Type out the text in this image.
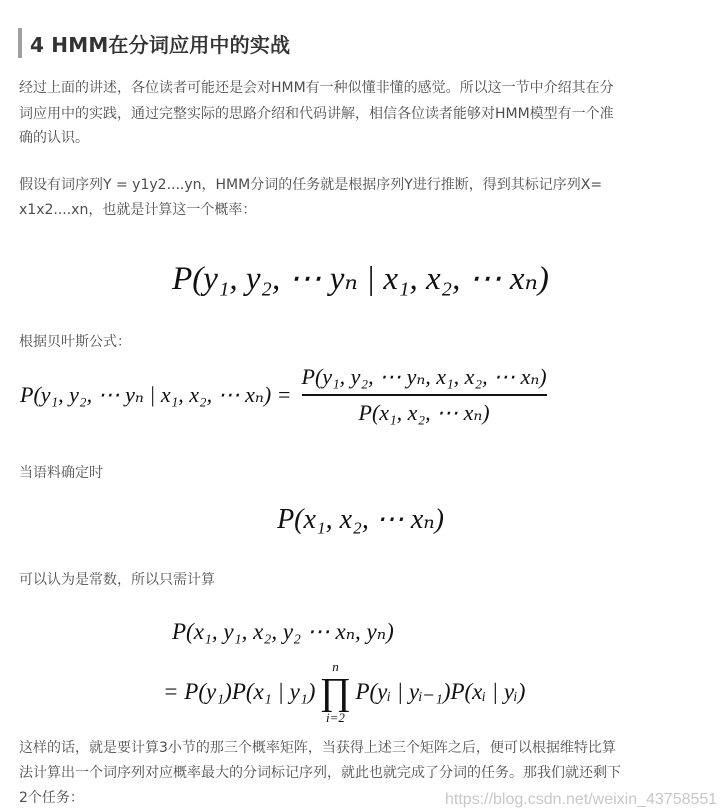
4 HMM在分词应用中的实战
经过上面的讲述，各位读者可能还是会对HMM有一种似懂非懂的感觉。所以这一节中介绍其在分
词应用中的实践，通过完整实际的思路介绍和代码讲解，相信各位读者能够对HMM模型有一个准
确的认识。
假设有词序列Y = y1y2....yn，HMM分词的任务就是根据序列Y进行推断，得到其标记序列X=
x1x2....xn，也就是计算这一个概率：
P(y₁, y₂, ⋯ yₙ | x₁, x₂, ⋯ xₙ)
根据贝叶斯公式：
P(y₁, y₂, ⋯ yₙ | x₁, x₂, ⋯ $x_n) = \frac{\text{P(y₁, y₂, ⋯ yₙ, x₁, x₂, ⋯ xₙ)}}{\text{P(x₁, x₂, ⋯ xₙ)}}$
当语料确定时
P(x₁, x₂, ⋯ xₙ)
可以认为是常数，所以只需计算
P(x₁, y₁, x₂, y₂ ⋯ xₙ, yₙ)
= P(y₁)P(x₁ | y₁)
n
∏
i=2
P(yᵢ | yᵢ₋₁)P(xᵢ | yᵢ)
这样的话，就是要计算3小节的那三个概率矩阵，当获得上述三个矩阵之后，便可以根据维特比算
法计算出一个词序列对应概率最大的分词标记序列，就此也就完成了分词的任务。那我们就还剩下
2个任务：	https://blog.csdn.net/weixin_43758551
